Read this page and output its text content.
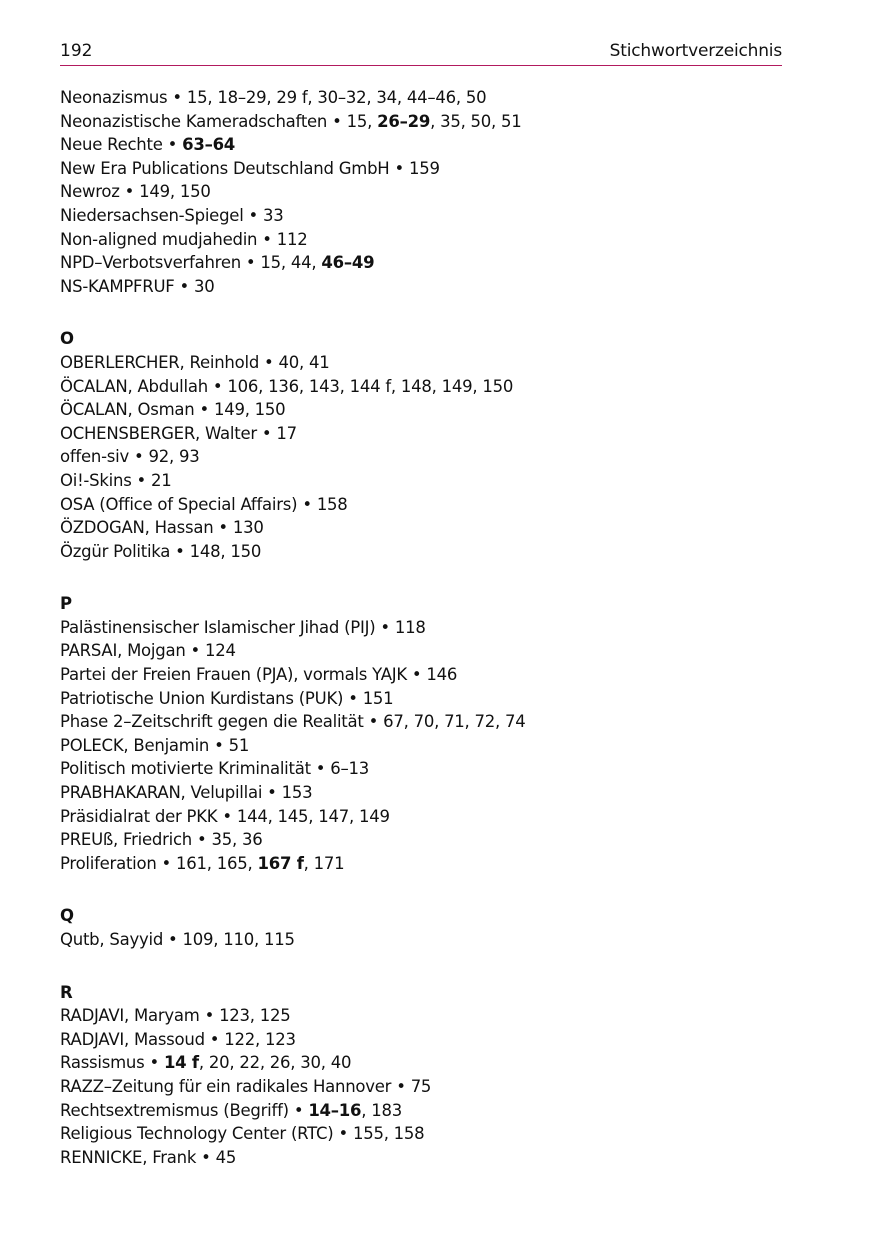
192	Stichwortverzeichnis
Neonazismus • 15, 18–29, 29 f, 30–32, 34, 44–46, 50
Neonazistische Kameradschaften • 15, 26–29, 35, 50, 51
Neue Rechte • 63–64
New Era Publications Deutschland GmbH • 159
Newroz • 149, 150
Niedersachsen-Spiegel • 33
Non-aligned mudjahedin • 112
NPD–Verbotsverfahren • 15, 44, 46–49
NS-KAMPFRUF • 30
O
OBERLERCHER, Reinhold • 40, 41
ÖCALAN, Abdullah • 106, 136, 143, 144 f, 148, 149, 150
ÖCALAN, Osman • 149, 150
OCHENSBERGER, Walter • 17
offen-siv • 92, 93
Oi!-Skins • 21
OSA (Office of Special Affairs) • 158
ÖZDOGAN, Hassan • 130
Özgür Politika • 148, 150
P
Palästinensischer Islamischer Jihad (PIJ) • 118
PARSAI, Mojgan • 124
Partei der Freien Frauen (PJA), vormals YAJK • 146
Patriotische Union Kurdistans (PUK) • 151
Phase 2–Zeitschrift gegen die Realität • 67, 70, 71, 72, 74
POLECK, Benjamin • 51
Politisch motivierte Kriminalität • 6–13
PRABHAKARAN, Velupillai • 153
Präsidialrat der PKK • 144, 145, 147, 149
PREUß, Friedrich • 35, 36
Proliferation • 161, 165, 167 f, 171
Q
Qutb, Sayyid • 109, 110, 115
R
RADJAVI, Maryam • 123, 125
RADJAVI, Massoud • 122, 123
Rassismus • 14 f, 20, 22, 26, 30, 40
RAZZ–Zeitung für ein radikales Hannover • 75
Rechtsextremismus (Begriff) • 14–16, 183
Religious Technology Center (RTC) • 155, 158
RENNICKE, Frank • 45
